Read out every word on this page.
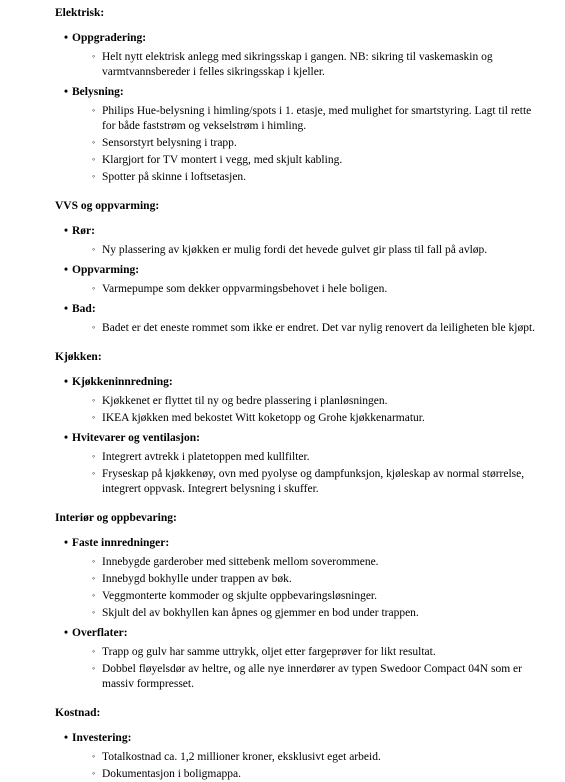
Elektrisk:
• Oppgradering:
◦ Helt nytt elektrisk anlegg med sikringsskap i gangen. NB: sikring til vaskemaskin og varmtvannsbereder i felles sikringsskap i kjeller.
• Belysning:
◦ Philips Hue-belysning i himling/spots i 1. etasje, med mulighet for smartstyring. Lagt til rette for både faststrøm og vekselstrøm i himling.
◦ Sensorstyrt belysning i trapp.
◦ Klargjort for TV montert i vegg, med skjult kabling.
◦ Spotter på skinne i loftsetasjen.
VVS og oppvarming:
• Rør:
◦ Ny plassering av kjøkken er mulig fordi det hevede gulvet gir plass til fall på avløp.
• Oppvarming:
◦ Varmepumpe som dekker oppvarmingsbehovet i hele boligen.
• Bad:
◦ Badet er det eneste rommet som ikke er endret. Det var nylig renovert da leiligheten ble kjøpt.
Kjøkken:
• Kjøkkeninnredning:
◦ Kjøkkenet er flyttet til ny og bedre plassering i planløsningen.
◦ IKEA kjøkken med bekostet Witt koketopp og Grohe kjøkkenarmatur.
• Hvitevarer og ventilasjon:
◦ Integrert avtrekk i platetoppen med kullfilter.
◦ Fryseskap på kjøkkenøy, ovn med pyolyse og dampfunksjon, kjøleskap av normal størrelse, integrert oppvask. Integrert belysning i skuffer.
Interiør og oppbevaring:
• Faste innredninger:
◦ Innebygde garderober med sittebenk mellom soverommene.
◦ Innebygd bokhylle under trappen av bøk.
◦ Veggmonterte kommoder og skjulte oppbevaringsløsninger.
◦ Skjult del av bokhyllen kan åpnes og gjemmer en bod under trappen.
• Overflater:
◦ Trapp og gulv har samme uttrykk, oljet etter fargeprøver for likt resultat.
◦ Dobbel fløyelsdør av heltre, og alle nye innerdører av typen Swedoor Compact 04N som er massiv formpresset.
Kostnad:
• Investering:
◦ Totalkostnad ca. 1,2 millioner kroner, eksklusivt eget arbeid.
◦ Dokumentasjon i boligmappa.
